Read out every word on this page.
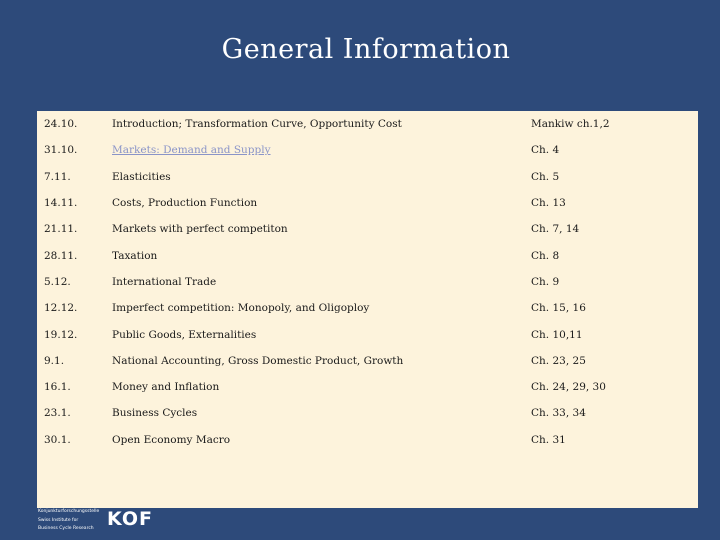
General Information
24.10.	Introduction; Transformation Curve, Opportunity Cost	Mankiw ch.1,2
31.10.	Markets: Demand and Supply	Ch. 4
7.11.	Elasticities	Ch. 5
14.11.	Costs, Production Function	Ch. 13
21.11.	Markets with perfect competiton	Ch. 7, 14
28.11.	Taxation	Ch. 8
5.12.	International Trade	Ch. 9
12.12.	Imperfect competition: Monopoly, and Oligoploy	Ch. 15, 16
19.12.	Public Goods, Externalities	Ch. 10,11
9.1.	National Accounting, Gross Domestic Product, Growth	Ch. 23, 25
16.1.	Money and Inflation	Ch. 24, 29, 30
23.1.	Business Cycles	Ch. 33, 34
30.1.	Open Economy Macro	Ch. 31
Konjunkturforschungsstelle
Swiss Institute for
Business Cycle Research KOF
